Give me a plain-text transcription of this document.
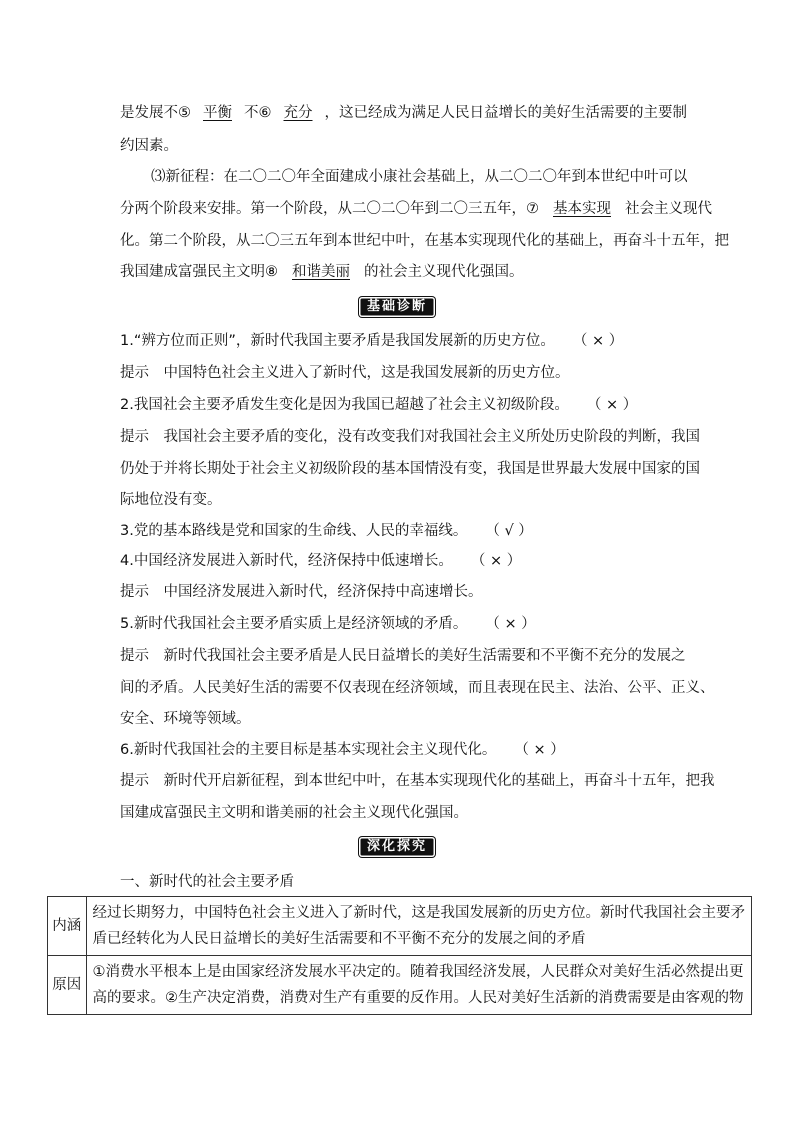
是发展不⑤ 平衡 不⑥ 充分 ，这已经成为满足人民日益增长的美好生活需要的主要制
约因素。
⑶新征程：在二〇二〇年全面建成小康社会基础上，从二〇二〇年到本世纪中叶可以
分两个阶段来安排。第一个阶段，从二〇二〇年到二〇三五年，⑦ 基本实现 社会主义现代
化。第二个阶段，从二〇三五年到本世纪中叶，在基本实现现代化的基础上，再奋斗十五年，把
我国建成富强民主文明⑧ 和谐美丽 的社会主义现代化强国。
基础诊断
1.“辨方位而正则”，新时代我国主要矛盾是我国发展新的历史方位。 （ × ）
提示　中国特色社会主义进入了新时代，这是我国发展新的历史方位。
2.我国社会主要矛盾发生变化是因为我国已超越了社会主义初级阶段。 （ × ）
提示　我国社会主要矛盾的变化，没有改变我们对我国社会主义所处历史阶段的判断，我国
仍处于并将长期处于社会主义初级阶段的基本国情没有变，我国是世界最大发展中国家的国
际地位没有变。
3.党的基本路线是党和国家的生命线、人民的幸福线。 （ √ ）
4.中国经济发展进入新时代，经济保持中低速增长。 （ × ）
提示　中国经济发展进入新时代，经济保持中高速增长。
5.新时代我国社会主要矛盾实质上是经济领域的矛盾。 （ × ）
提示　新时代我国社会主要矛盾是人民日益增长的美好生活需要和不平衡不充分的发展之
间的矛盾。人民美好生活的需要不仅表现在经济领域，而且表现在民主、法治、公平、正义、
安全、环境等领域。
6.新时代我国社会的主要目标是基本实现社会主义现代化。 （ × ）
提示　新时代开启新征程，到本世纪中叶，在基本实现现代化的基础上，再奋斗十五年，把我
国建成富强民主文明和谐美丽的社会主义现代化强国。
深化探究
一、新时代的社会主要矛盾
内涵	经过长期努力，中国特色社会主义进入了新时代，这是我国发展新的历史方位。新时代我国社会主要矛
盾已经转化为人民日益增长的美好生活需要和不平衡不充分的发展之间的矛盾

原因	①消费水平根本上是由国家经济发展水平决定的。随着我国经济发展，人民群众对美好生活必然提出更
高的要求。②生产决定消费，消费对生产有重要的反作用。人民对美好生活新的消费需要是由客观的物
